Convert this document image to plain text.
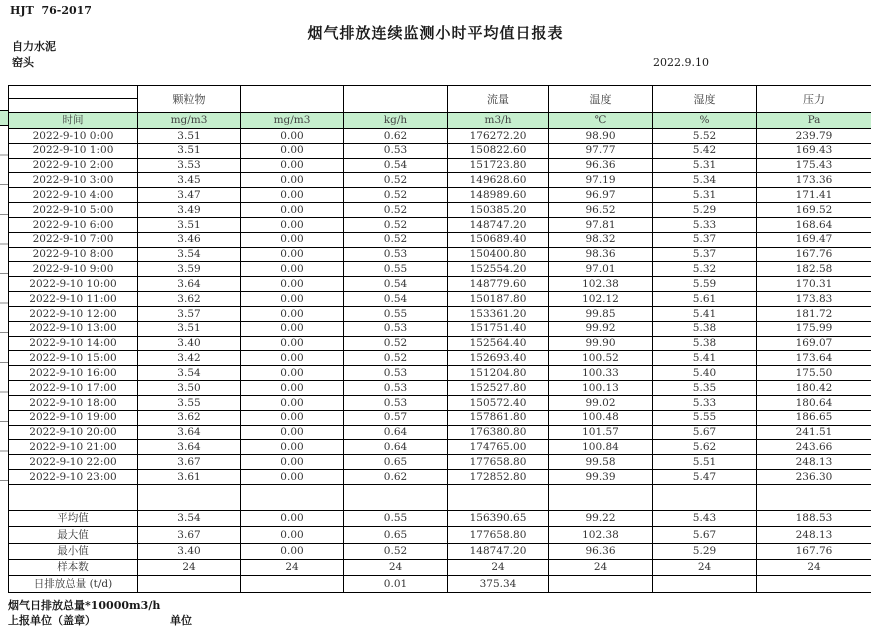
HJT  76-2017
烟气排放连续监测小时平均值日报表
自力水泥
窑头	2022.9.10
	颗粒物			流量	温度	湿度	压力

时间	mg/m3	mg/m3	kg/h	m3/h	℃	%	Pa
2022-9-10 0:00	3.51	0.00	0.62	176272.20	98.90	5.52	239.79
2022-9-10 1:00	3.51	0.00	0.53	150822.60	97.77	5.42	169.43
2022-9-10 2:00	3.53	0.00	0.54	151723.80	96.36	5.31	175.43
2022-9-10 3:00	3.45	0.00	0.52	149628.60	97.19	5.34	173.36
2022-9-10 4:00	3.47	0.00	0.52	148989.60	96.97	5.31	171.41
2022-9-10 5:00	3.49	0.00	0.52	150385.20	96.52	5.29	169.52
2022-9-10 6:00	3.51	0.00	0.52	148747.20	97.81	5.33	168.64
2022-9-10 7:00	3.46	0.00	0.52	150689.40	98.32	5.37	169.47
2022-9-10 8:00	3.54	0.00	0.53	150400.80	98.36	5.37	167.76
2022-9-10 9:00	3.59	0.00	0.55	152554.20	97.01	5.32	182.58
2022-9-10 10:00	3.64	0.00	0.54	148779.60	102.38	5.59	170.31
2022-9-10 11:00	3.62	0.00	0.54	150187.80	102.12	5.61	173.83
2022-9-10 12:00	3.57	0.00	0.55	153361.20	99.85	5.41	181.72
2022-9-10 13:00	3.51	0.00	0.53	151751.40	99.92	5.38	175.99
2022-9-10 14:00	3.40	0.00	0.52	152564.40	99.90	5.38	169.07
2022-9-10 15:00	3.42	0.00	0.52	152693.40	100.52	5.41	173.64
2022-9-10 16:00	3.54	0.00	0.53	151204.80	100.33	5.40	175.50
2022-9-10 17:00	3.50	0.00	0.53	152527.80	100.13	5.35	180.42
2022-9-10 18:00	3.55	0.00	0.53	150572.40	99.02	5.33	180.64
2022-9-10 19:00	3.62	0.00	0.57	157861.80	100.48	5.55	186.65
2022-9-10 20:00	3.64	0.00	0.64	176380.80	101.57	5.67	241.51
2022-9-10 21:00	3.64	0.00	0.64	174765.00	100.84	5.62	243.66
2022-9-10 22:00	3.67	0.00	0.65	177658.80	99.58	5.51	248.13
2022-9-10 23:00	3.61	0.00	0.62	172852.80	99.39	5.47	236.30

平均值	3.54	0.00	0.55	156390.65	99.22	5.43	188.53
最大值	3.67	0.00	0.65	177658.80	102.38	5.67	248.13
最小值	3.40	0.00	0.52	148747.20	96.36	5.29	167.76
样本数	24	24	24	24	24	24	24
日排放总量 (t/d)			0.01	375.34			
烟气日排放总量*10000m3/h
上报单位（盖章）	单位
